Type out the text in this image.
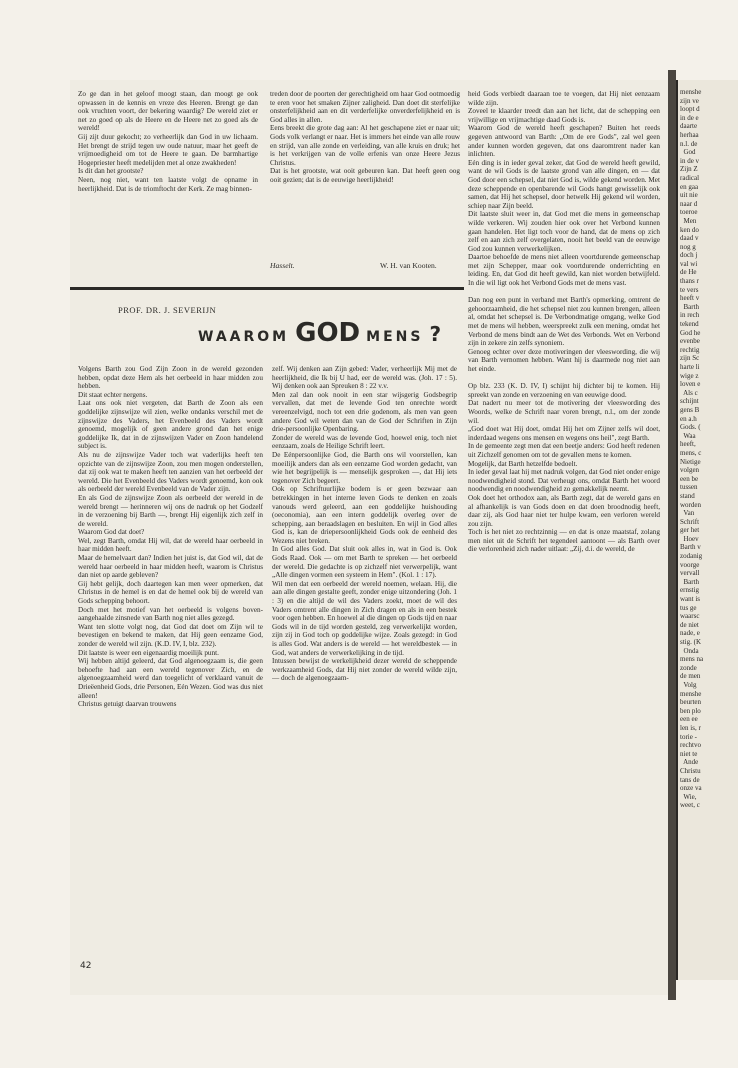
Zo ge dan in het geloof moogt staan, dan moogt ge ook opwassen in de kennis en vreze des Heeren. Brengt ge dan ook vruchten voort, der bekering waardig? De wereld ziet er net zo goed op als de Heere en de Heere net zo goed als de wereld!
Gij zijt duur gekocht; zo verheerlijk dan God in uw lichaam. Het brengt de strijd tegen uw oude natuur, maar het geeft de vrijmoedigheid om tot de Heere te gaan. De barmhartige Hogepriester heeft medelijden met al onze zwakheden!
Is dit dan het grootste?
Neen, nog niet, want ten laatste volgt de opname in heerlijkheid. Dat is de triomftocht der Kerk. Ze mag binnen-
treden door de poorten der gerechtigheid om haar God ootmoedig te eren voor het smaken Zijner zaligheid. Dan doet dit sterfelijke onsterfelijkheid aan en dit verderfelijke onverderfelijkheid en is God alles in allen.
Eens breekt die grote dag aan: Al het geschapene ziet er naar uit; Gods volk verlangt er naar. Het is immers het einde van alle rouw en strijd, van alle zonde en verleiding, van alle kruis en druk; het is het verkrijgen van de volle erfenis van onze Heere Jezus Christus.
Dat is het grootste, wat ooit gebeuren kan. Dat heeft geen oog ooit gezien; dat is de eeuwige heerlijkheid!
Hasselt.	W. H. van Kooten.
PROF. DR. J. SEVERIJN
WAAROM GOD MENS ?
Volgens Barth zou God Zijn Zoon in de wereld gezonden hebben, opdat deze Hem als het oerbeeld in haar midden zou hebben.
Dit staat echter nergens.
Laat ons ook niet vergeten, dat Barth de Zoon als een goddelijke zijnswijze wil zien, welke ondanks verschil met de zijnswijze des Vaders, het Evenbeeld des Vaders wordt genoemd, mogelijk of geen andere grond dan het enige goddelijke Ik, dat in de zijnswijzen Vader en Zoon handelend subject is.
Als nu de zijnswijze Vader toch wat vaderlijks heeft ten opzichte van de zijnswijze Zoon, zou men mogen onderstellen, dat zij ook wat te maken heeft ten aanzien van het oerbeeld der wereld. Die het Evenbeeld des Vaders wordt genoemd, kon ook als oerbeeld der wereld Evenbeeld van de Vader zijn.
En als God de zijnswijze Zoon als oerbeeld der wereld in de wereld brengt — herinneren wij ons de nadruk op het Godzelf in de verzoening bij Barth —, brengt Hij eigenlijk zich zelf in de wereld.
Waarom God dat doet?
Wel, zegt Barth, omdat Hij wil, dat de wereld haar oerbeeld in haar midden heeft.
Maar de hemelvaart dan? Indien het juist is, dat God wil, dat de wereld haar oerbeeld in haar midden heeft, waarom is Christus dan niet op aarde gebleven?
Gij hebt gelijk, doch daartegen kan men weer opmerken, dat Christus in de hemel is en dat de hemel ook bij de wereld van Gods schepping behoort.
Doch met het motief van het oerbeeld is volgens boven-aangehaalde zinsnede van Barth nog niet alles gezegd.
Want ten slotte volgt nog, dat God dat doet om Zijn wil te bevestigen en bekend te maken, dat Hij geen eenzame God, zonder de wereld wil zijn. (K.D. IV, I, blz. 232).
Dit laatste is weer een eigenaardig moeilijk punt.
Wij hebben altijd geleerd, dat God algenoegzaam is, die geen behoefte had aan een wereld tegenover Zich, en de algenoegzaamheid werd dan toegelicht of verklaard vanuit de Drieëenheid Gods, drie Personen, Eén Wezen. God was dus niet alleen!
Christus getuigt daarvan trouwens
zelf. Wij denken aan Zijn gebed: Vader, verheerlijk Mij met de heerlijkheid, die Ik bij U had, eer de wereld was. (Joh. 17 : 5). Wij denken ook aan Spreuken 8 : 22 v.v.
Men zal dan ook nooit in een star wijsgerig Godsbegrip vervallen, dat met de levende God ten onrechte wordt vereenzelvigd, noch tot een drie godenom, als men van geen andere God wil weten dan van de God der Schriften in Zijn drie-persoonlijke Openbaring.
Zonder de wereld was de levende God, hoewel enig, toch niet eenzaam, zoals de Heilige Schrift leert.
De Eénpersoonlijke God, die Barth ons wil voorstellen, kan moeilijk anders dan als een eenzame God worden gedacht, van wie het begrijpelijk is — menselijk gesproken —, dat Hij iets tegenover Zich begeert.
Ook op Schriftuurlijke bodem is er geen bezwaar aan betrekkingen in het interne leven Gods te denken en zoals vanouds werd geleerd, aan een goddelijke huishouding (oeconomia), aan een intern goddelijk overleg over de schepping, aan beraadslagen en besluiten. En wijl in God alles God is, kan de driepersoonlijkheid Gods ook de eenheid des Wezens niet breken.
In God alles God. Dat sluit ook alles in, wat in God is. Ook Gods Raad. Ook — om met Barth te spreken — het oerbeeld der wereld. Die gedachte is op zichzelf niet verwerpelijk, want „Alle dingen vormen een systeem in Hem". (Kol. 1 : 17).
Wil men dat een oerbeeld der wereld noemen, welaan. Hij, die aan alle dingen gestalte geeft, zonder enige uitzondering (Joh. 1 : 3) en die altijd de wil des Vaders zoekt, moet de wil des Vaders omtrent alle dingen in Zich dragen en als in een bestek voor ogen hebben. En hoewel al die dingen op Gods tijd en naar Gods wil in de tijd worden gesteld, zeg verwerkelijkt worden, zijn zij in God toch op goddelijke wijze. Zoals gezegd: in God is alles God. Wat anders is de wereld — het wereldbestek — in God, wat anders de verwerkelijking in de tijd.
Intussen bewijst de werkelijkheid dezer wereld de scheppende werkzaamheid Gods, dat Hij niet zonder de wereld wilde zijn, — doch de algenoegzaam-
heid Gods verbiedt daaraan toe te voegen, dat Hij niet eenzaam wilde zijn.
Zoveel te klaarder treedt dan aan het licht, dat de schepping een vrijwillige en vrijmachtige daad Gods is.
Waarom God de wereld heeft geschapen? Buiten het reeds gegeven antwoord van Barth: „Om de ere Gods", zal wel geen ander kunnen worden gegeven, dat ons daaromtrent nader kan inlichten.
Eén ding is in ieder geval zeker, dat God de wereld heeft gewild, want de wil Gods is de laatste grond van alle dingen, en — dat God door een schepsel, dat niet God is, wilde gekend worden. Met deze scheppende en openbarende wil Gods hangt gewisselijk ook samen, dat Hij het schepsel, door hetwelk Hij gekend wil worden, schiep naar Zijn beeld.
Dit laatste sluit weer in, dat God met die mens in gemeenschap wilde verkeren. Wij zouden hier ook over het Verbond kunnen gaan handelen. Het ligt toch voor de hand, dat de mens op zich zelf en aan zich zelf overgelaten, nooit het beeld van de eeuwige God zou kunnen verwerkelijken.
Daartoe behoefde de mens niet alleen voortdurende gemeenschap met zijn Schepper, maar ook voortdurende onderrichting en leiding. En, dat God dit heeft gewild, kan niet worden betwijfeld. In die wil ligt ook het Verbond Gods met de mens vast.

Dan nog een punt in verband met Barth's opmerking, omtrent de gehoorzaamheid, die het schepsel niet zou kunnen brengen, alleen al, omdat het schepsel is. De Verbondmatige omgang, welke God met de mens wil hebben, weerspreekt zulk een mening, omdat het Verbond de mens bindt aan de Wet des Verbonds. Wet en Verbond zijn in zekere zin zelfs synoniem.
Genoeg echter over deze motiveringen der vleeswording, die wij van Barth vernomen hebben. Want hij is daarmede nog niet aan het einde.

Op blz. 233 (K. D. IV, I) schijnt hij dichter bij te komen. Hij spreekt van zonde en verzoening en van eeuwige dood.
Dat nadert nu meer tot de motivering der vleeswording des Woords, welke de Schrift naar voren brengt, n.l., om der zonde wil.
„God doet wat Hij doet, omdat Hij het om Zijner zelfs wil doet, inderdaad wegens ons mensen en wegens ons heil", zegt Barth.
In de gemeente zegt men dat een beetje anders: God heeft redenen uit Zichzelf genomen om tot de gevallen mens te komen.
Mogelijk, dat Barth hetzelfde bedoelt.
In ieder geval laat hij met nadruk volgen, dat God niet onder enige noodwendigheid stond. Dat verheugt ons, omdat Barth het woord noodwendig en noodwendigheid zo gemakkelijk neemt.
Ook doet het orthodox aan, als Barth zegt, dat de wereld gans en al afhankelijk is van Gods doen en dat doen broodnodig heeft, daar zij, als God haar niet ter hulpe kwam, een verloren wereld zou zijn.
Toch is het niet zo rechtzinnig — en dat is onze maatstaf, zolang men niet uit de Schrift het tegendeel aantoont — als Barth over die verlorenheid zich nader uitlaat: „Zij, d.i. de wereld, de
42
menshe
zijn ve
loopt d
in de e
daarte
herhaa
n.l. de
God
in de v
Zijn Z
radical
en gaa
uit nie
naar d
toeroe
Men
ken do
daad v
nog g
doch j
val wi
de He
thans r
te vers
heeft v
Barth
in rech
tekend
God he
evenbe
rechtig
zijn Sc
harte li
wige z
loven e
Als c
schijnt
gens B
en a.h
Gods. (
Waa
heeft,
mens, c
Nietige
volgen
een be
tussen
stand
worden
Van
Schrift
ger het
Hoev
Barth v
zodanig
voorge
vervall
Barth
ernstig
want is
tus ge
waarsc
de niet
nade, e
stig. (K
Onda
mens na
zonde
de men
Volg
menshe
beurten
ben plo
een ee
len is, r
torie -
rechtvo
niet te
Ande
Christu
tans de
onze va
Wie,
weet, c
